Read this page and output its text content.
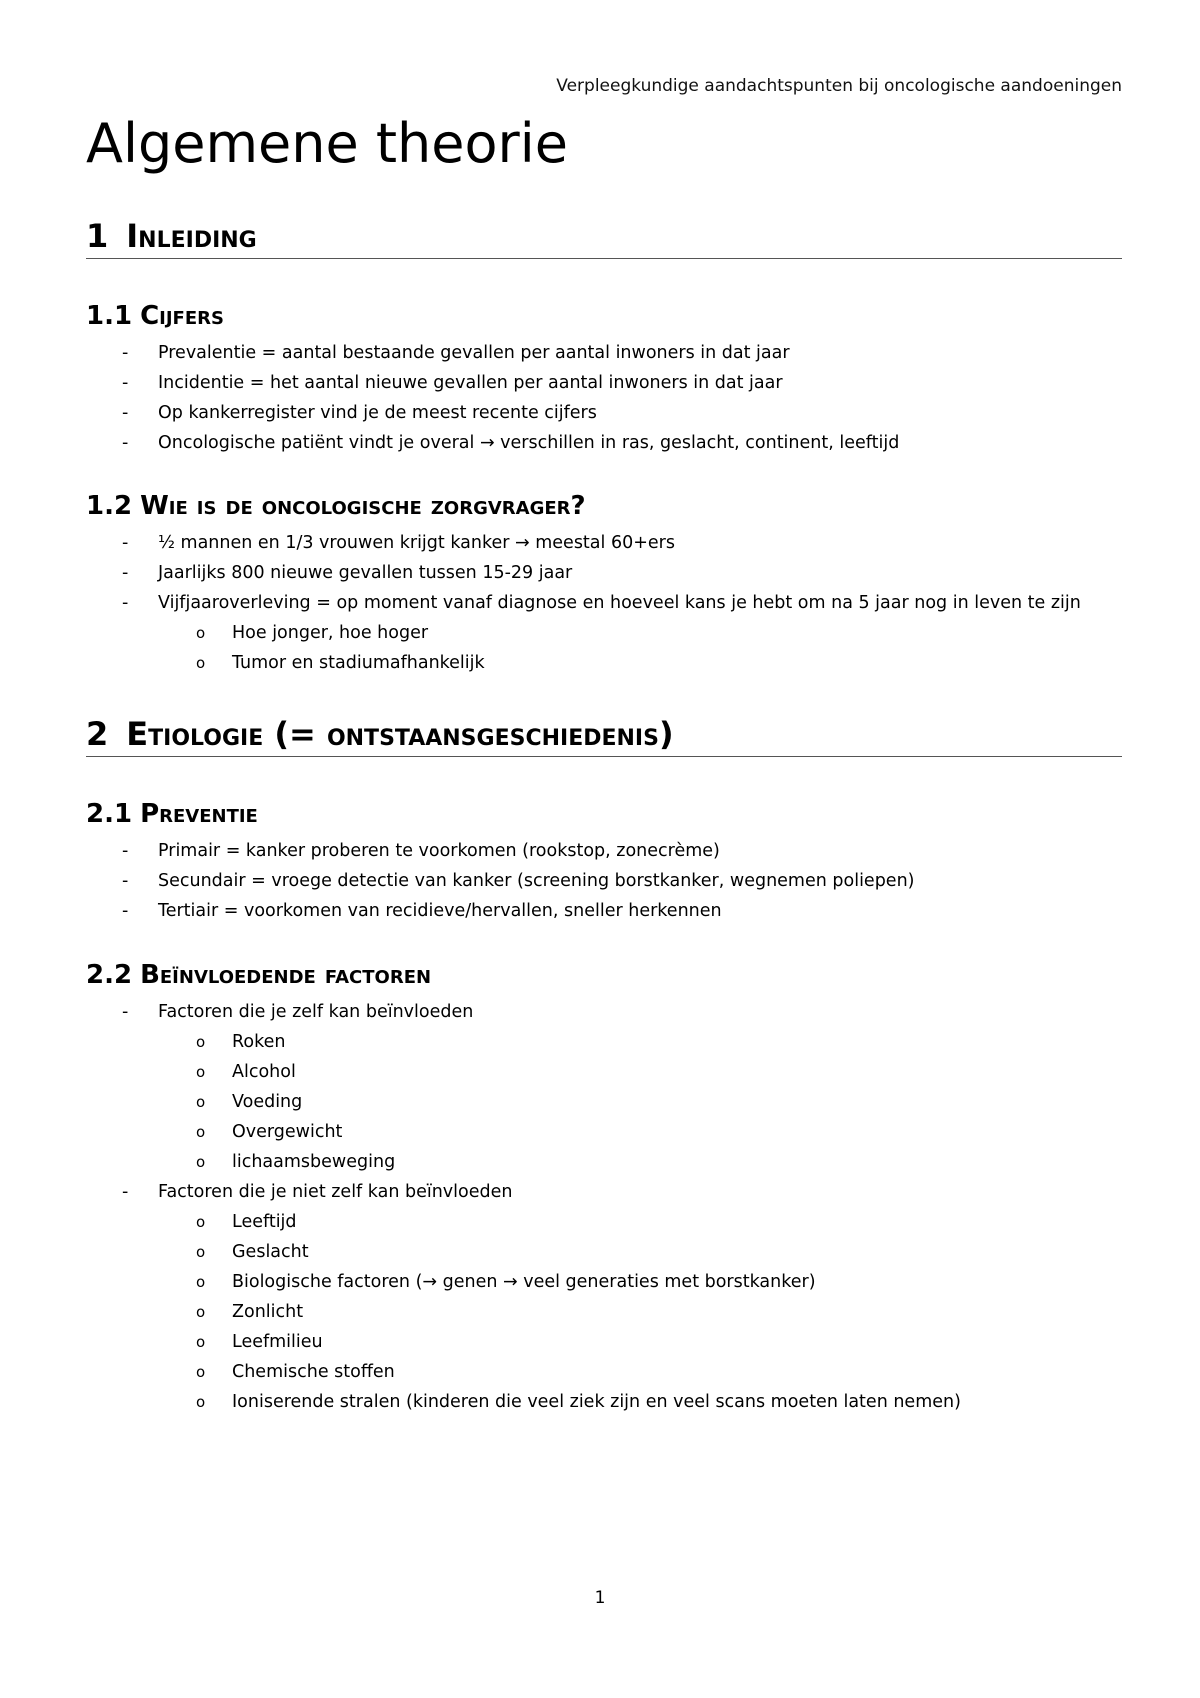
Verpleegkundige aandachtspunten bij oncologische aandoeningen
Algemene theorie
1 Inleiding
1.1 Cijfers
- Prevalentie = aantal bestaande gevallen per aantal inwoners in dat jaar
- Incidentie = het aantal nieuwe gevallen per aantal inwoners in dat jaar
- Op kankerregister vind je de meest recente cijfers
- Oncologische patiënt vindt je overal → verschillen in ras, geslacht, continent, leeftijd
1.2 Wie is de oncologische zorgvrager?
- ½ mannen en 1/3 vrouwen krijgt kanker → meestal 60+ers
- Jaarlijks 800 nieuwe gevallen tussen 15-29 jaar
- Vijfjaaroverleving = op moment vanaf diagnose en hoeveel kans je hebt om na 5 jaar nog in leven te zijn
o Hoe jonger, hoe hoger
o Tumor en stadiumafhankelijk
2 Etiologie (= ontstaansgeschiedenis)
2.1 Preventie
- Primair = kanker proberen te voorkomen (rookstop, zonecrème)
- Secundair = vroege detectie van kanker (screening borstkanker, wegnemen poliepen)
- Tertiair = voorkomen van recidieve/hervallen, sneller herkennen
2.2 Beïnvloedende factoren
- Factoren die je zelf kan beïnvloeden
o Roken
o Alcohol
o Voeding
o Overgewicht
o lichaamsbeweging
- Factoren die je niet zelf kan beïnvloeden
o Leeftijd
o Geslacht
o Biologische factoren (→ genen → veel generaties met borstkanker)
o Zonlicht
o Leefmilieu
o Chemische stoffen
o Ioniserende stralen (kinderen die veel ziek zijn en veel scans moeten laten nemen)
1
